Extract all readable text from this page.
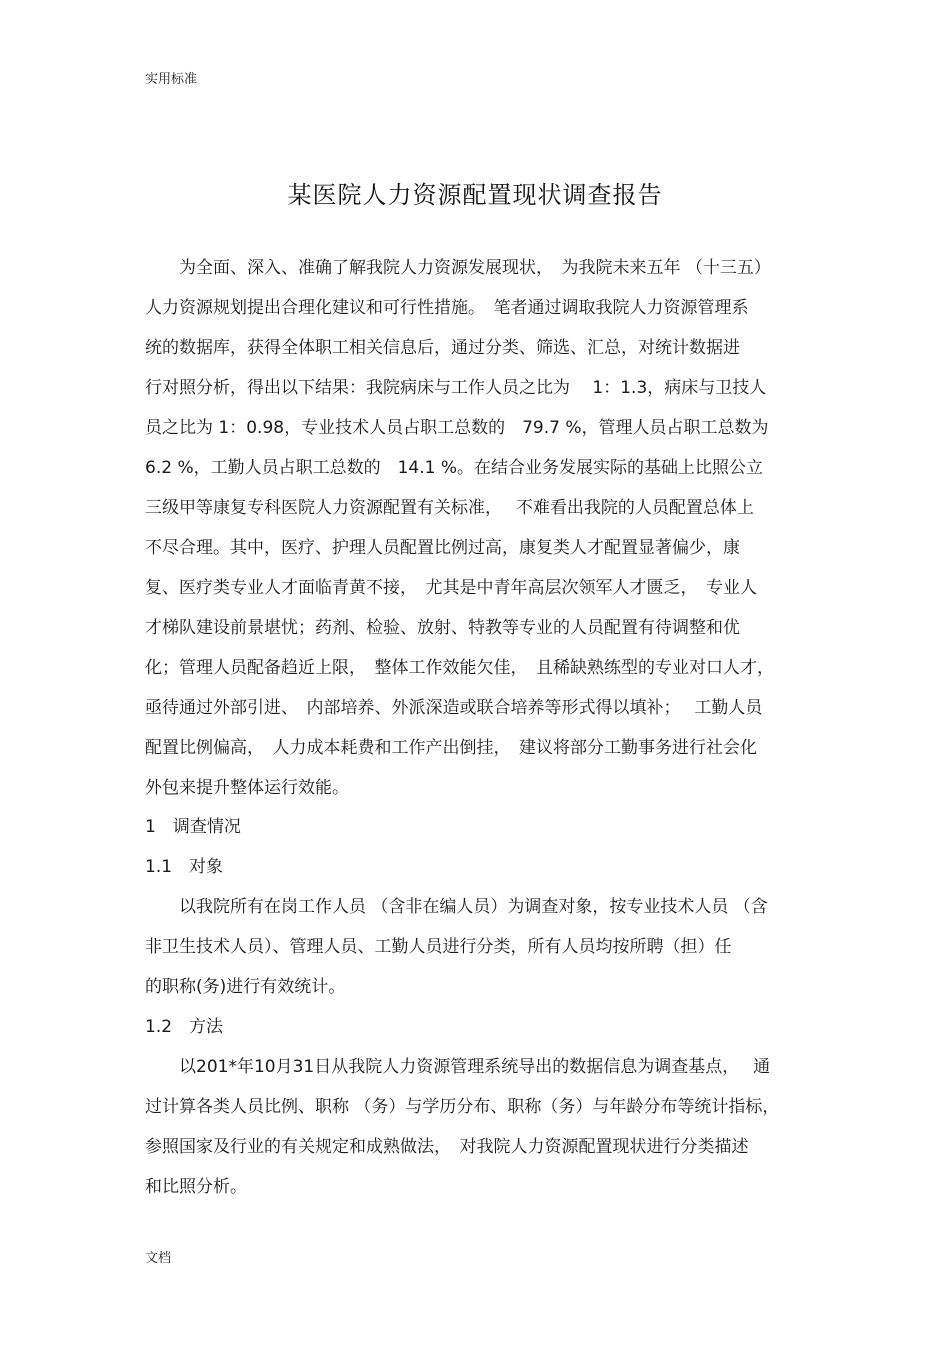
实用标准
某医院人力资源配置现状调查报告
　　为全面、深入、准确了解我院人力资源发展现状，　为我院未来五年 （十三五）
人力资源规划提出合理化建议和可行性措施。　笔者通过调取我院人力资源管理系
统的数据库，获得全体职工相关信息后，通过分类、筛选、汇总，对统计数据进
行对照分析，得出以下结果：我院病床与工作人员之比为　 1：1.3，病床与卫技人
员之比为 1：0.98，专业技术人员占职工总数的　79.7 %，管理人员占职工总数为
6.2 %，工勤人员占职工总数的　14.1 %。在结合业务发展实际的基础上比照公立
三级甲等康复专科医院人力资源配置有关标准，　 不难看出我院的人员配置总体上
不尽合理。其中，医疗、护理人员配置比例过高，康复类人才配置显著偏少，康
复、医疗类专业人才面临青黄不接，　尤其是中青年高层次领军人才匮乏，　专业人
才梯队建设前景堪忧；药剂、检验、放射、特教等专业的人员配置有待调整和优
化；管理人员配备趋近上限，　整体工作效能欠佳，　且稀缺熟练型的专业对口人才，
亟待通过外部引进、　内部培养、外派深造或联合培养等形式得以填补；　 工勤人员
配置比例偏高，　人力成本耗费和工作产出倒挂，　建议将部分工勤事务进行社会化
外包来提升整体运行效能。
1　调查情况
1.1　对象
　　以我院所有在岗工作人员 （含非在编人员）为调查对象，按专业技术人员 （含
非卫生技术人员）、管理人员、工勤人员进行分类，所有人员均按所聘（担）任
的职称(务)进行有效统计。
1.2　方法
　　以201*年10月31日从我院人力资源管理系统导出的数据信息为调查基点，　 通
过计算各类人员比例、职称 （务）与学历分布、职称（务）与年龄分布等统计指标，
参照国家及行业的有关规定和成熟做法，　对我院人力资源配置现状进行分类描述
和比照分析。
文档
